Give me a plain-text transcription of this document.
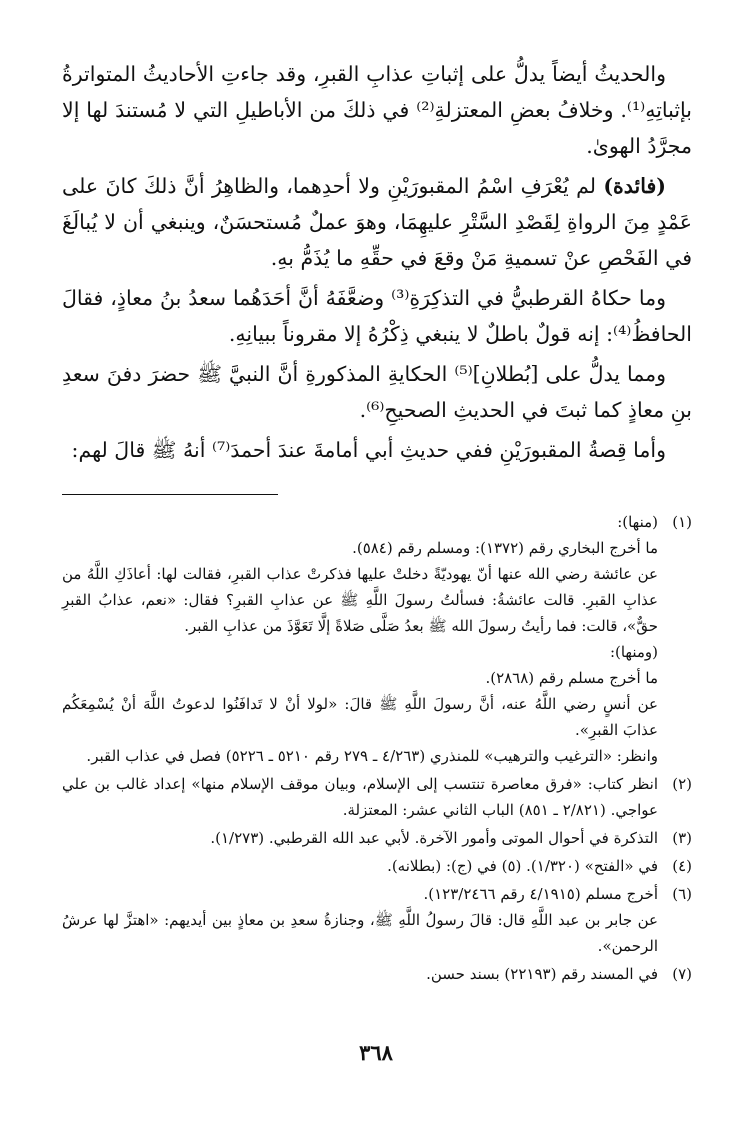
والحديثُ أيضاً يدلُّ على إثباتِ عذابِ القبرِ، وقد جاءتِ الأحاديثُ المتواترةُ بإثباتِهِ⁽¹⁾. وخلافُ بعضِ المعتزلةِ⁽²⁾ في ذلكَ من الأباطيلِ التي لا مُستندَ لها إلا مجرَّدُ الهوىٰ.

(فائدة) لم يُعْرَفِ اسْمُ المقبورَيْنِ ولا أحدِهما، والظاهِرُ أنَّ ذلكَ كانَ على عَمْدٍ مِنَ الرواةِ لِقَصْدِ السَّتْرِ عليهِمَا، وهوَ عملٌ مُستحسَنٌ، وينبغي أن لا يُبالَغَ في الفَحْصِ عنْ تسميةِ مَنْ وقعَ في حقِّهِ ما يُذَمُّ بهِ.

وما حكاهُ القرطبيُّ في التذكِرَةِ⁽³⁾ وضعَّفَهُ أنَّ أحَدَهُما سعدُ بنُ معاذٍ، فقالَ الحافظُ⁽⁴⁾: إنه قولٌ باطلٌ لا ينبغي ذِكْرُهُ إلا مقروناً ببيانِهِ.

ومما يدلُّ على [بُطلانِ]⁽⁵⁾ الحكايةِ المذكورةِ أنَّ النبيَّ ﷺ حضرَ دفنَ سعدِ بنِ معاذٍ كما ثبتَ في الحديثِ الصحيحِ⁽⁶⁾.

وأما قِصةُ المقبورَيْنِ ففي حديثِ أبي أمامةَ عندَ أحمدَ⁽⁷⁾ أنهُ ﷺ قالَ لهم:

(١)

(منها):

ما أخرج البخاري رقم (١٣٧٢): ومسلم رقم (٥٨٤).

عن عائشة رضي الله عنها أنّ يهوديّةً دخلتْ عليها فذكرتْ عذاب القبرِ، فقالت لها: أعاذَكِ اللَّهُ من عذابِ القبرِ. قالت عائشةُ: فسألتُ رسولَ اللَّهِ ﷺ عن عذابِ القبرِ؟ فقال: «نعم، عذابُ القبرِ حقٌّ»، قالت: فما رأيتُ رسولَ الله ﷺ بعدُ صَلَّى صَلاةً إلَّا تَعَوَّذَ من عذابِ القبر.

(ومنها):

ما أخرج مسلم رقم (٢٨٦٨).

عن أنسٍ رضي اللَّهُ عنه، أنَّ رسولَ اللَّهِ ﷺ قالَ: «لولا أنْ لا تَدافَنُوا لدعوتُ اللَّهَ أنْ يُسْمِعَكُم عذابَ القبرِ».

وانظر: «الترغيب والترهيب» للمنذري (٤/٢٦٣ ـ ٢٧٩ رقم ٥٢١٠ ـ ٥٢٢٦) فصل في عذاب القبر.

(٢)

انظر كتاب: «فرق معاصرة تنتسب إلى الإسلام، وبيان موقف الإسلام منها» إعداد غالب بن علي عواجي. (٢/٨٢١ ـ ٨٥١) الباب الثاني عشر: المعتزلة.

(٣)

التذكرة في أحوال الموتى وأمور الآخرة. لأبي عبد الله القرطبي. (١/٢٧٣).

(٤)

في «الفتح» (١/٣٢٠). (٥) في (ج): (بطلانه).

(٦)

أخرج مسلم (٤/١٩١٥ رقم ١٢٣/٢٤٦٦).

عن جابر بن عبد اللَّهِ قال: قالَ رسولُ اللَّهِ ﷺ، وجنازةُ سعدِ بن معاذٍ بين أيديهم: «اهتزَّ لها عرشُ الرحمن».

(٧)

في المسند رقم (٢٢١٩٣) بسند حسن.

٣٦٨
